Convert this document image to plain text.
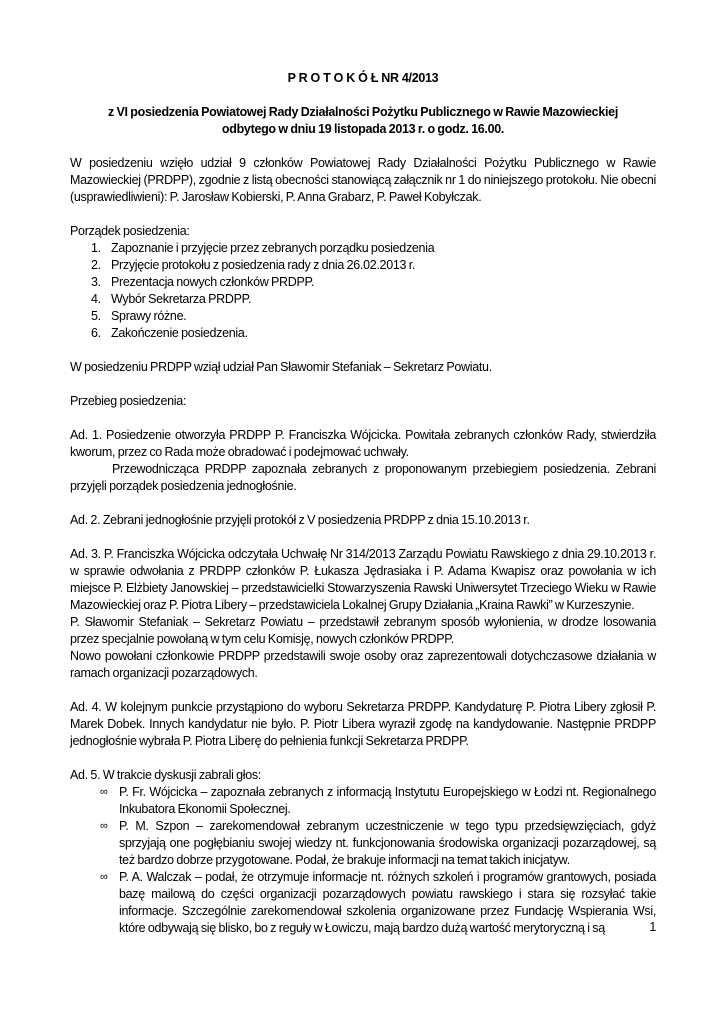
P R O T O K Ó Ł NR 4/2013

z VI posiedzenia Powiatowej Rady Działalności Pożytku Publicznego w Rawie Mazowieckiej
odbytego w dniu 19 listopada 2013 r. o godz. 16.00.

W posiedzeniu wzięło udział 9 członków Powiatowej Rady Działalności Pożytku Publicznego w Rawie Mazowieckiej (PRDPP), zgodnie z listą obecności stanowiącą załącznik nr 1 do niniejszego protokołu. Nie obecni (usprawiedliwieni): P. Jarosław Kobierski, P. Anna Grabarz, P. Paweł Kobyłczak.

Porządek posiedzenia:

1. Zapoznanie i przyjęcie przez zebranych porządku posiedzenia
2. Przyjęcie protokołu z posiedzenia rady z dnia 26.02.2013 r.
3. Prezentacja nowych członków PRDPP.
4. Wybór Sekretarza PRDPP.
5. Sprawy różne.
6. Zakończenie posiedzenia.

W posiedzeniu PRDPP wziął udział Pan Sławomir Stefaniak – Sekretarz Powiatu.

Przebieg posiedzenia:

Ad. 1. Posiedzenie otworzyła PRDPP P. Franciszka Wójcicka. Powitała zebranych członków Rady, stwierdziła kworum, przez co Rada może obradować i podejmować uchwały.

Przewodnicząca PRDPP zapoznała zebranych z proponowanym przebiegiem posiedzenia. Zebrani przyjęli porządek posiedzenia jednogłośnie.

Ad. 2. Zebrani jednogłośnie przyjęli protokół z V posiedzenia PRDPP z dnia 15.10.2013 r.

Ad. 3. P. Franciszka Wójcicka odczytała Uchwałę Nr 314/2013 Zarządu Powiatu Rawskiego z dnia 29.10.2013 r. w sprawie odwołania z PRDPP członków P. Łukasza Jędrasiaka i P. Adama Kwapisz oraz powołania w ich miejsce P. Elżbiety Janowskiej – przedstawicielki Stowarzyszenia Rawski Uniwersytet Trzeciego Wieku w Rawie Mazowieckiej oraz P. Piotra Libery – przedstawiciela Lokalnej Grupy Działania „Kraina Rawki” w Kurzeszynie.

P. Sławomir Stefaniak – Sekretarz Powiatu – przedstawił zebranym sposób wyłonienia, w drodze losowania przez specjalnie powołaną w tym celu Komisję, nowych członków PRDPP.

Nowo powołani członkowie PRDPP przedstawili swoje osoby oraz zaprezentowali dotychczasowe działania w ramach organizacji pozarządowych.

Ad. 4. W kolejnym punkcie przystąpiono do wyboru Sekretarza PRDPP. Kandydaturę P. Piotra Libery zgłosił P. Marek Dobek. Innych kandydatur nie było. P. Piotr Libera wyraził zgodę na kandydowanie. Następnie PRDPP jednogłośnie wybrała P. Piotra Liberę do pełnienia funkcji Sekretarza PRDPP.

Ad. 5. W trakcie dyskusji zabrali głos:

∞ P. Fr. Wójcicka – zapoznała zebranych z informacją Instytutu Europejskiego w Łodzi nt. Regionalnego Inkubatora Ekonomii Społecznej.
∞ P. M. Szpon – zarekomendował zebranym uczestniczenie w tego typu przedsięwzięciach, gdyż sprzyjają one pogłębianiu swojej wiedzy nt. funkcjonowania środowiska organizacji pozarządowej, są też bardzo dobrze przygotowane. Podał, że brakuje informacji na temat takich inicjatyw.
∞ P. A. Walczak – podał, że otrzymuje informacje nt. różnych szkoleń i programów grantowych, posiada bazę mailową do części organizacji pozarządowych powiatu rawskiego i stara się rozsyłać takie informacje. Szczególnie zarekomendował szkolenia organizowane przez Fundację Wspierania Wsi, które odbywają się blisko, bo z reguły w Łowiczu, mają bardzo dużą wartość merytoryczną i są	1
